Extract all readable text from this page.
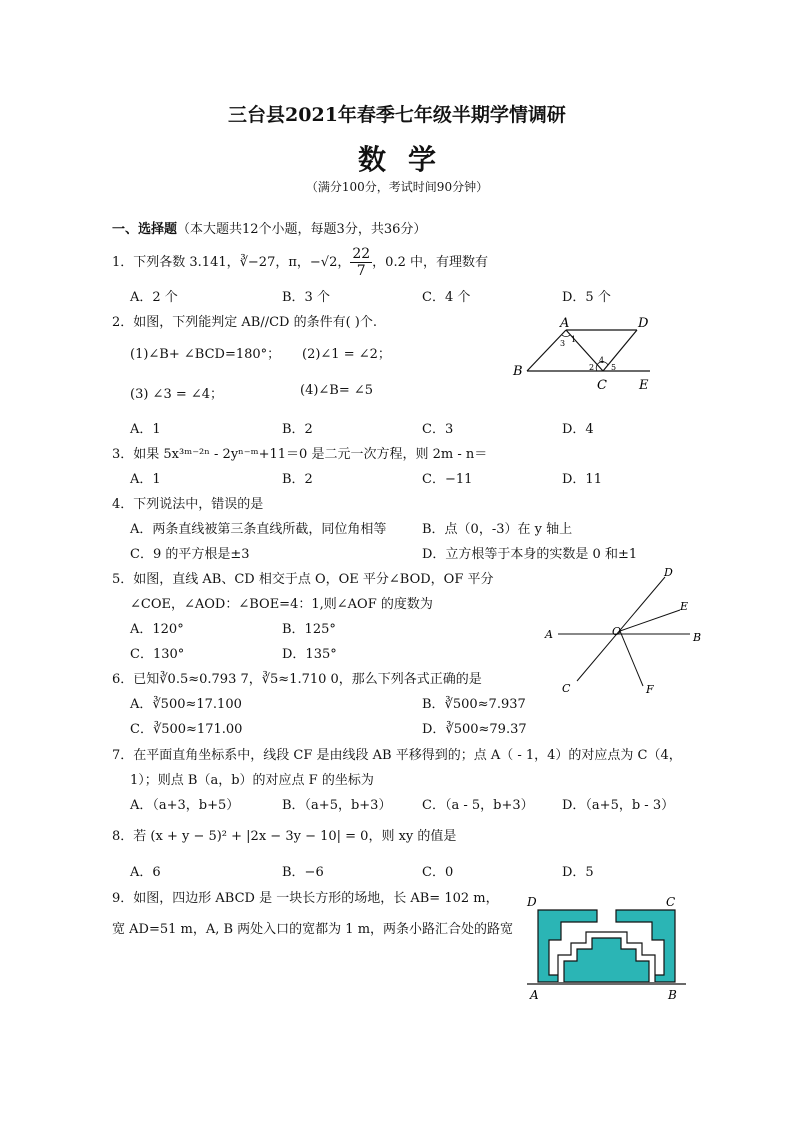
三台县2021年春季七年级半期学情调研
数学
（满分100分，考试时间90分钟）
一、选择题（本大题共12个小题，每题3分，共36分）
1．下列各数 3.141，∛−27，π，−√2， $\frac{22}{7}$ ，0.2 中，有理数有
A．2 个	B．3 个	C．4 个	D．5 个
2．如图，下列能判定 AB//CD 的条件有( )个.
(1)∠B+ ∠BCD=180°； (2)∠1 = ∠2；
(3) ∠3 = ∠4；	(4)∠B= ∠5
A．1	B．2	C．3	D．4
A	D
B
C E
1
3
4
2 5
3．如果 5x³ᵐ⁻²ⁿ - 2yⁿ⁻ᵐ+11＝0 是二元一次方程，则 2m - n＝
A．1	B．2	C．−11	D．11
4．下列说法中，错误的是
A．两条直线被第三条直线所截，同位角相等	B．点（0，-3）在 y 轴上
C．9 的平方根是±3	D．立方根等于本身的实数是 0 和±1
5．如图，直线 AB、CD 相交于点 O，OE 平分∠BOD，OF 平分
∠COE，∠AOD：∠BOE=4：1,则∠AOF 的度数为
A．120°	B．125°
C．130°	D．135°
A	B
C
D
E
F
O
6．已知∛0.5≈0.793 7，∛5≈1.710 0，那么下列各式正确的是
A．∛500≈17.100	B．∛500≈7.937
C．∛500≈171.00	D．∛500≈79.37
7．在平面直角坐标系中，线段 CF 是由线段 AB 平移得到的；点 A（ - 1，4）的对应点为 C（4，
1）；则点 B（a，b）的对应点 F 的坐标为
A．（a+3，b+5）	B．（a+5，b+3） C．（a - 5，b+3） D．（a+5，b - 3）
8．若 (x + y − 5)² + |2x − 3y − 10| = 0，则 xy 的值是
A．6	B．−6	C．0	D．5
9．如图，四边形 ABCD 是 一块长方形的场地，长 AB= 102 m，
宽 AD=51 m，A, B 两处入口的宽都为 1 m，两条小路汇合处的路宽
D	C
A	B
